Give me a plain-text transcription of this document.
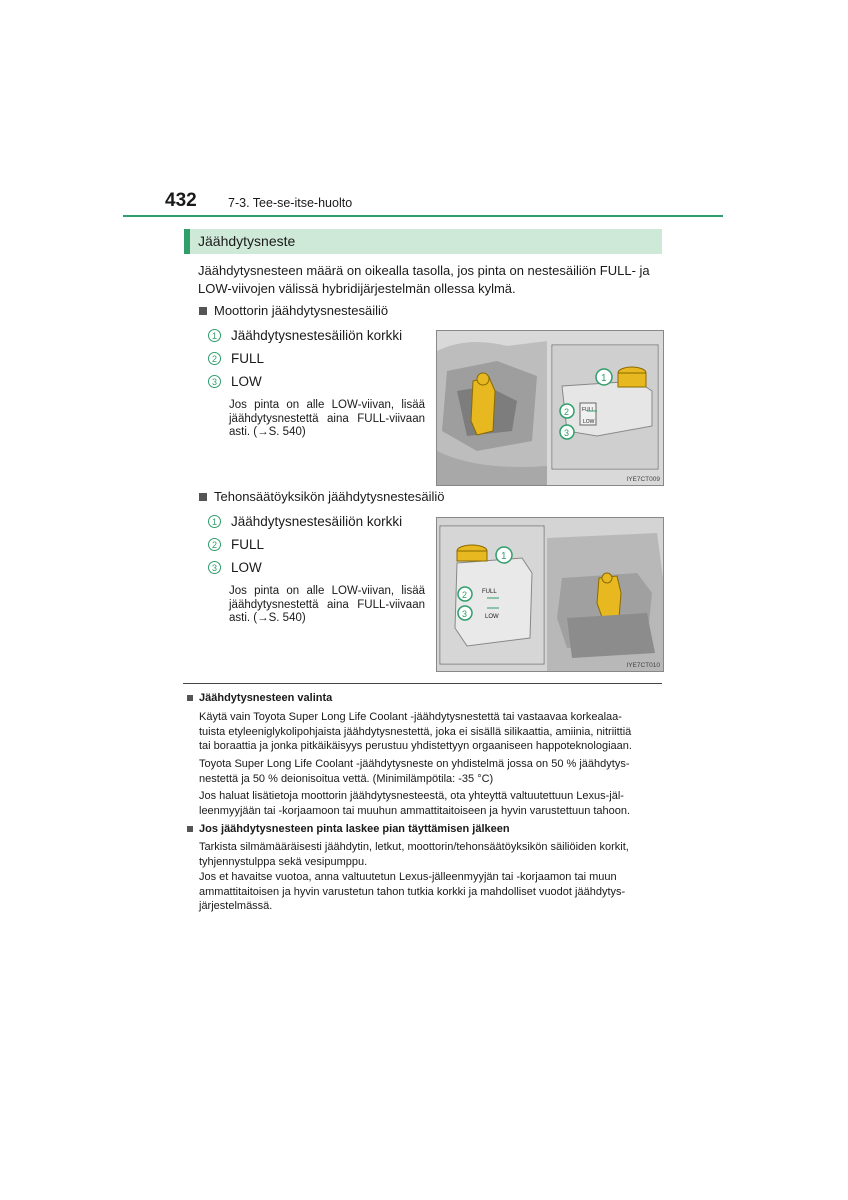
432	7-3. Tee-se-itse-huolto
Jäähdytysneste
Jäähdytysnesteen määrä on oikealla tasolla, jos pinta on nestesäiliön FULL- ja
LOW-viivojen välissä hybridijärjestelmän ollessa kylmä.
Moottorin jäähdytysnestesäiliö
1 Jäähdytysnestesäiliön korkki
2 FULL
3 LOW
Jos pinta on alle LOW-viivan, lisää jäähdytysnestettä aina FULL-viivaan asti. (→S. 540)
FULL
LOW
1
2
3
IYE7CT009
Tehonsäätöyksikön jäähdytysnestesäiliö
1 Jäähdytysnestesäiliön korkki
2 FULL
3 LOW
Jos pinta on alle LOW-viivan, lisää jäähdytysnestettä aina FULL-viivaan asti. (→S. 540)
FULL
LOW
1
2
3
IYE7CT010
Jäähdytysnesteen valinta
Käytä vain Toyota Super Long Life Coolant -jäähdytysnestettä tai vastaavaa korkealaa-
tuista etyleeniglykolipohjaista jäähdytysnestettä, joka ei sisällä silikaattia, amiinia, nitriittiä
tai boraattia ja jonka pitkäikäisyys perustuu yhdistettyyn orgaaniseen happoteknologiaan.
Toyota Super Long Life Coolant -jäähdytysneste on yhdistelmä jossa on 50 % jäähdytys-
nestettä ja 50 % deionisoitua vettä. (Minimilämpötila: -35 °C)
Jos haluat lisätietoja moottorin jäähdytysnesteestä, ota yhteyttä valtuutettuun Lexus-jäl-
leenmyyjään tai -korjaamoon tai muuhun ammattitaitoiseen ja hyvin varustettuun tahoon.
Jos jäähdytysnesteen pinta laskee pian täyttämisen jälkeen
Tarkista silmämääräisesti jäähdytin, letkut, moottorin/tehonsäätöyksikön säiliöiden korkit,
tyhjennystulppa sekä vesipumppu.
Jos et havaitse vuotoa, anna valtuutetun Lexus-jälleenmyyjän tai -korjaamon tai muun
ammattitaitoisen ja hyvin varustetun tahon tutkia korkki ja mahdolliset vuodot jäähdytys-
järjestelmässä.
